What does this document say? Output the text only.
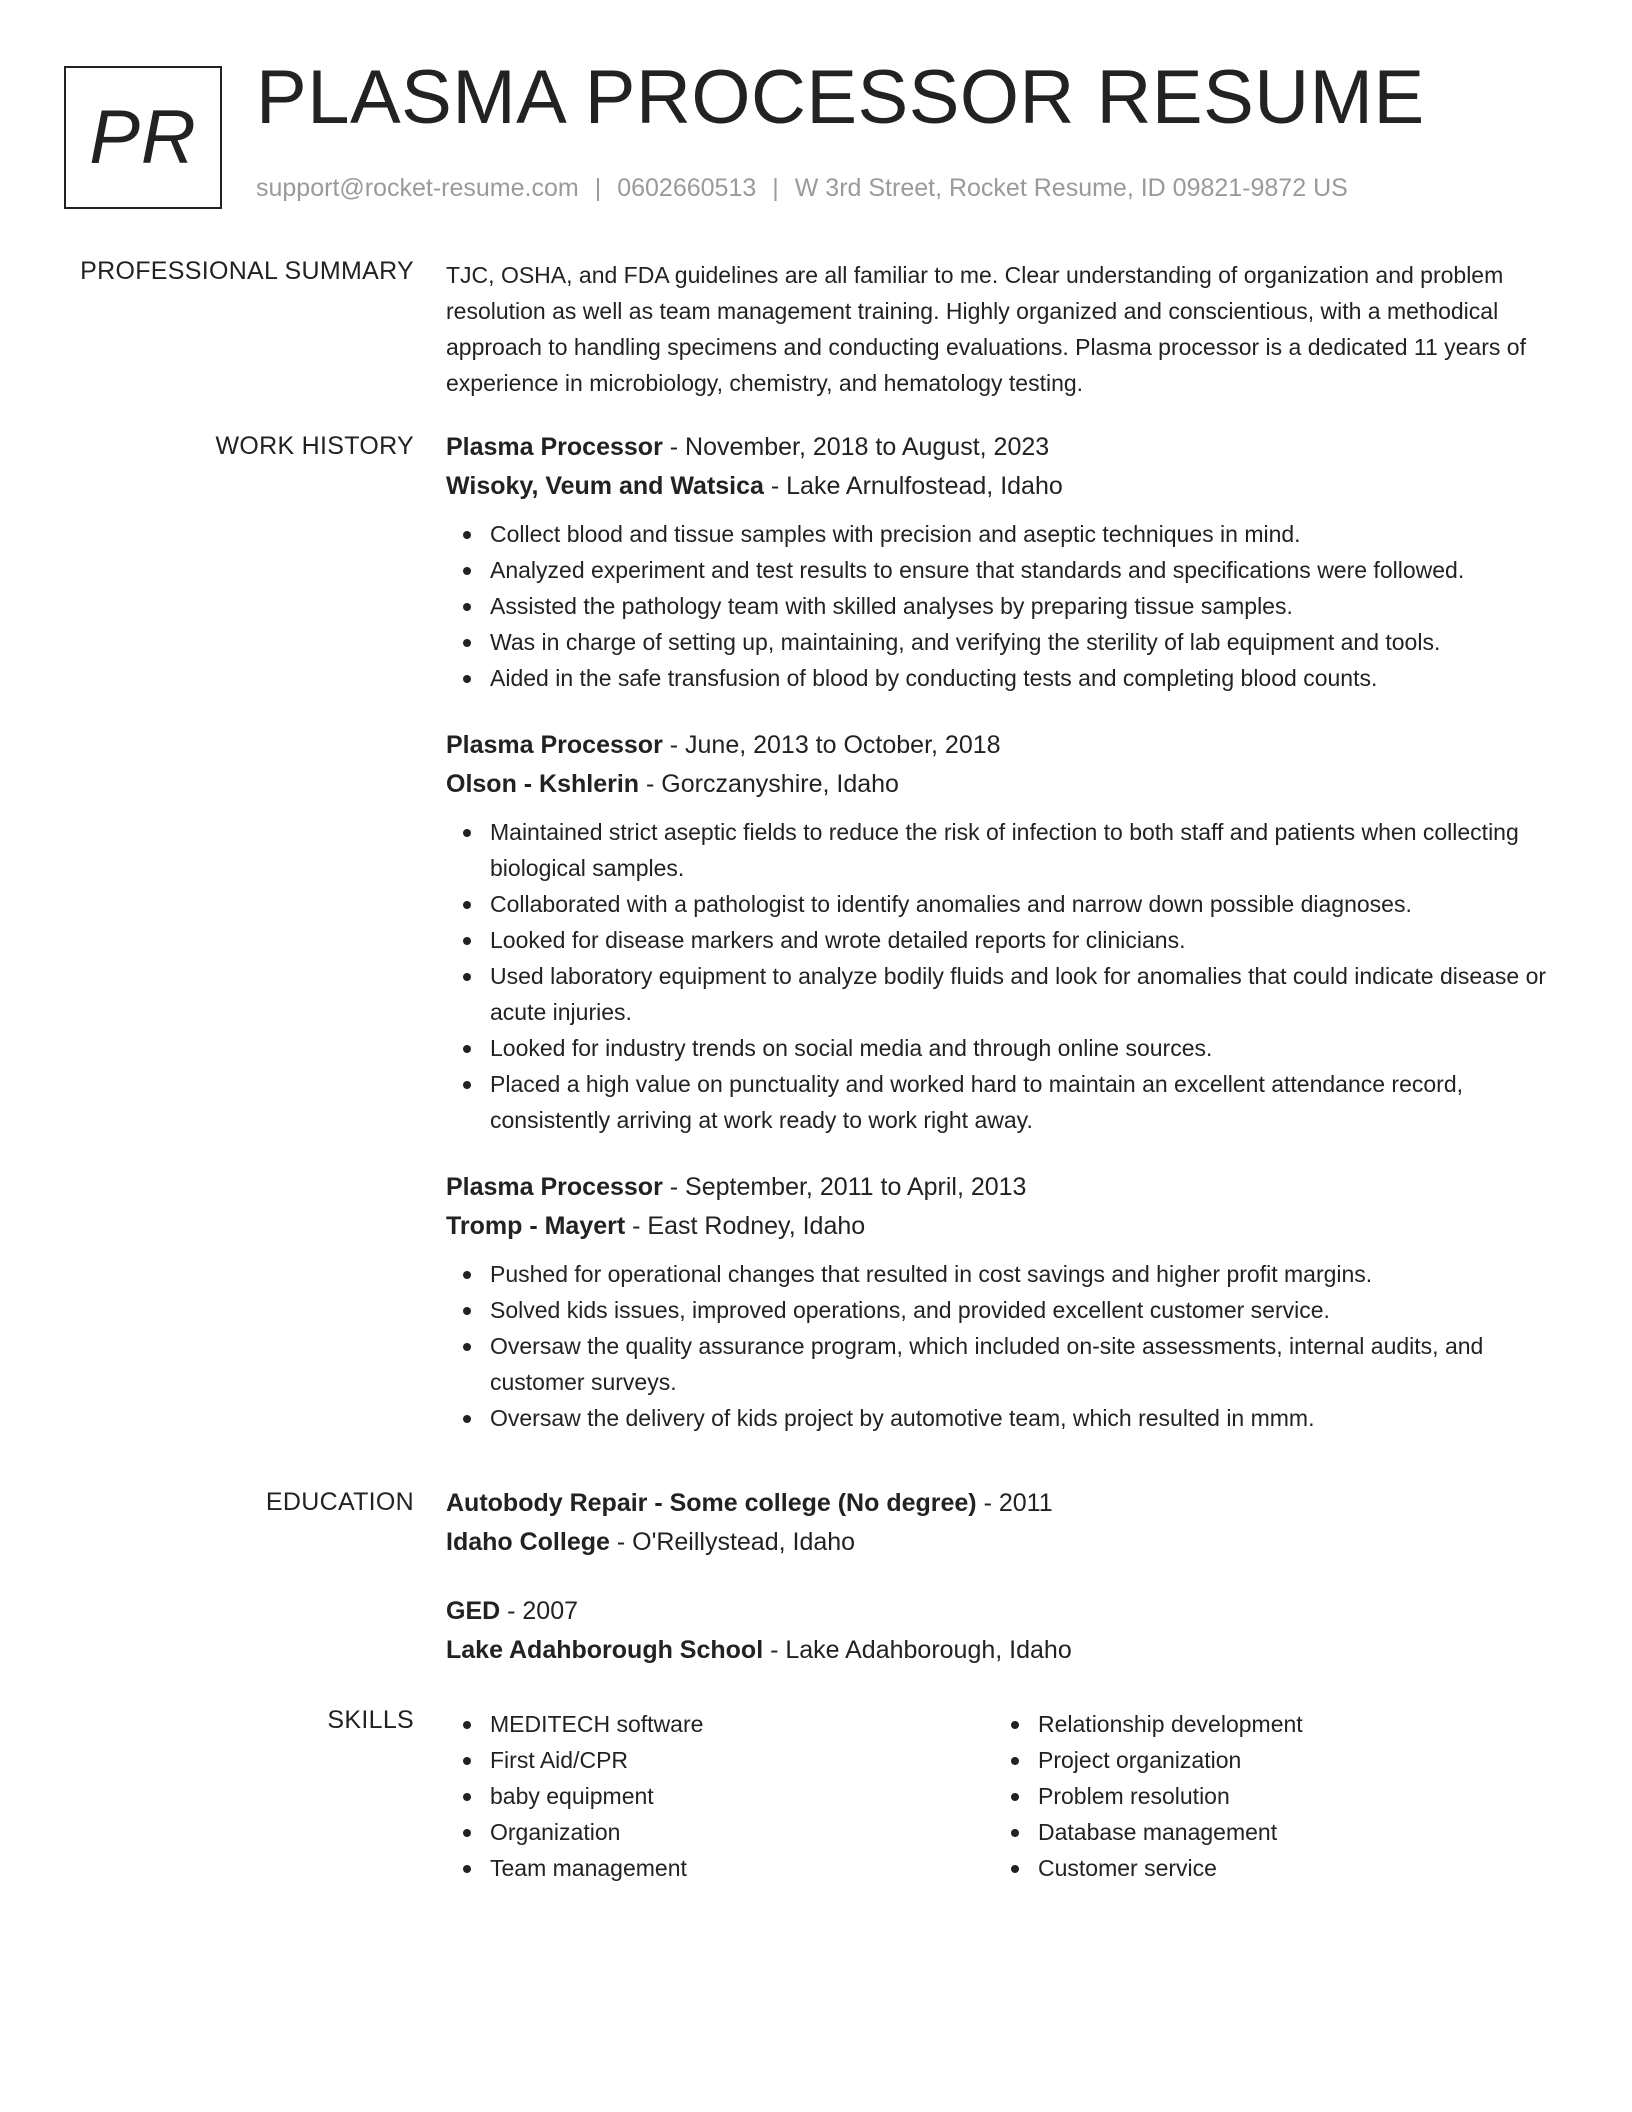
PR PLASMA PROCESSOR RESUME
support@rocket-resume.com | 0602660513 | W 3rd Street, Rocket Resume, ID 09821-9872 US
PROFESSIONAL SUMMARY TJC, OSHA, and FDA guidelines are all familiar to me. Clear understanding of organization and problem resolution as well as team management training. Highly organized and conscientious, with a methodical approach to handling specimens and conducting evaluations. Plasma processor is a dedicated 11 years of experience in microbiology, chemistry, and hematology testing.

WORK HISTORY Plasma Processor - November, 2018 to August, 2023
Wisoky, Veum and Watsica - Lake Arnulfostead, Idaho
Collect blood and tissue samples with precision and aseptic techniques in mind.
Analyzed experiment and test results to ensure that standards and specifications were followed.
Assisted the pathology team with skilled analyses by preparing tissue samples.
Was in charge of setting up, maintaining, and verifying the sterility of lab equipment and tools.
Aided in the safe transfusion of blood by conducting tests and completing blood counts.
Plasma Processor - June, 2013 to October, 2018
Olson - Kshlerin - Gorczanyshire, Idaho
Maintained strict aseptic fields to reduce the risk of infection to both staff and patients when collecting biological samples.
Collaborated with a pathologist to identify anomalies and narrow down possible diagnoses.
Looked for disease markers and wrote detailed reports for clinicians.
Used laboratory equipment to analyze bodily fluids and look for anomalies that could indicate disease or acute injuries.
Looked for industry trends on social media and through online sources.
Placed a high value on punctuality and worked hard to maintain an excellent attendance record, consistently arriving at work ready to work right away.
Plasma Processor - September, 2011 to April, 2013
Tromp - Mayert - East Rodney, Idaho
Pushed for operational changes that resulted in cost savings and higher profit margins.
Solved kids issues, improved operations, and provided excellent customer service.
Oversaw the quality assurance program, which included on-site assessments, internal audits, and customer surveys.
Oversaw the delivery of kids project by automotive team, which resulted in mmm.
EDUCATION Autobody Repair - Some college (No degree) - 2011
Idaho College - O'Reillystead, Idaho
GED - 2007
Lake Adahborough School - Lake Adahborough, Idaho
SKILLS	MEDITECH software
First Aid/CPR
baby equipment
Organization
Team management
Relationship development
Project organization
Problem resolution
Database management
Customer service
